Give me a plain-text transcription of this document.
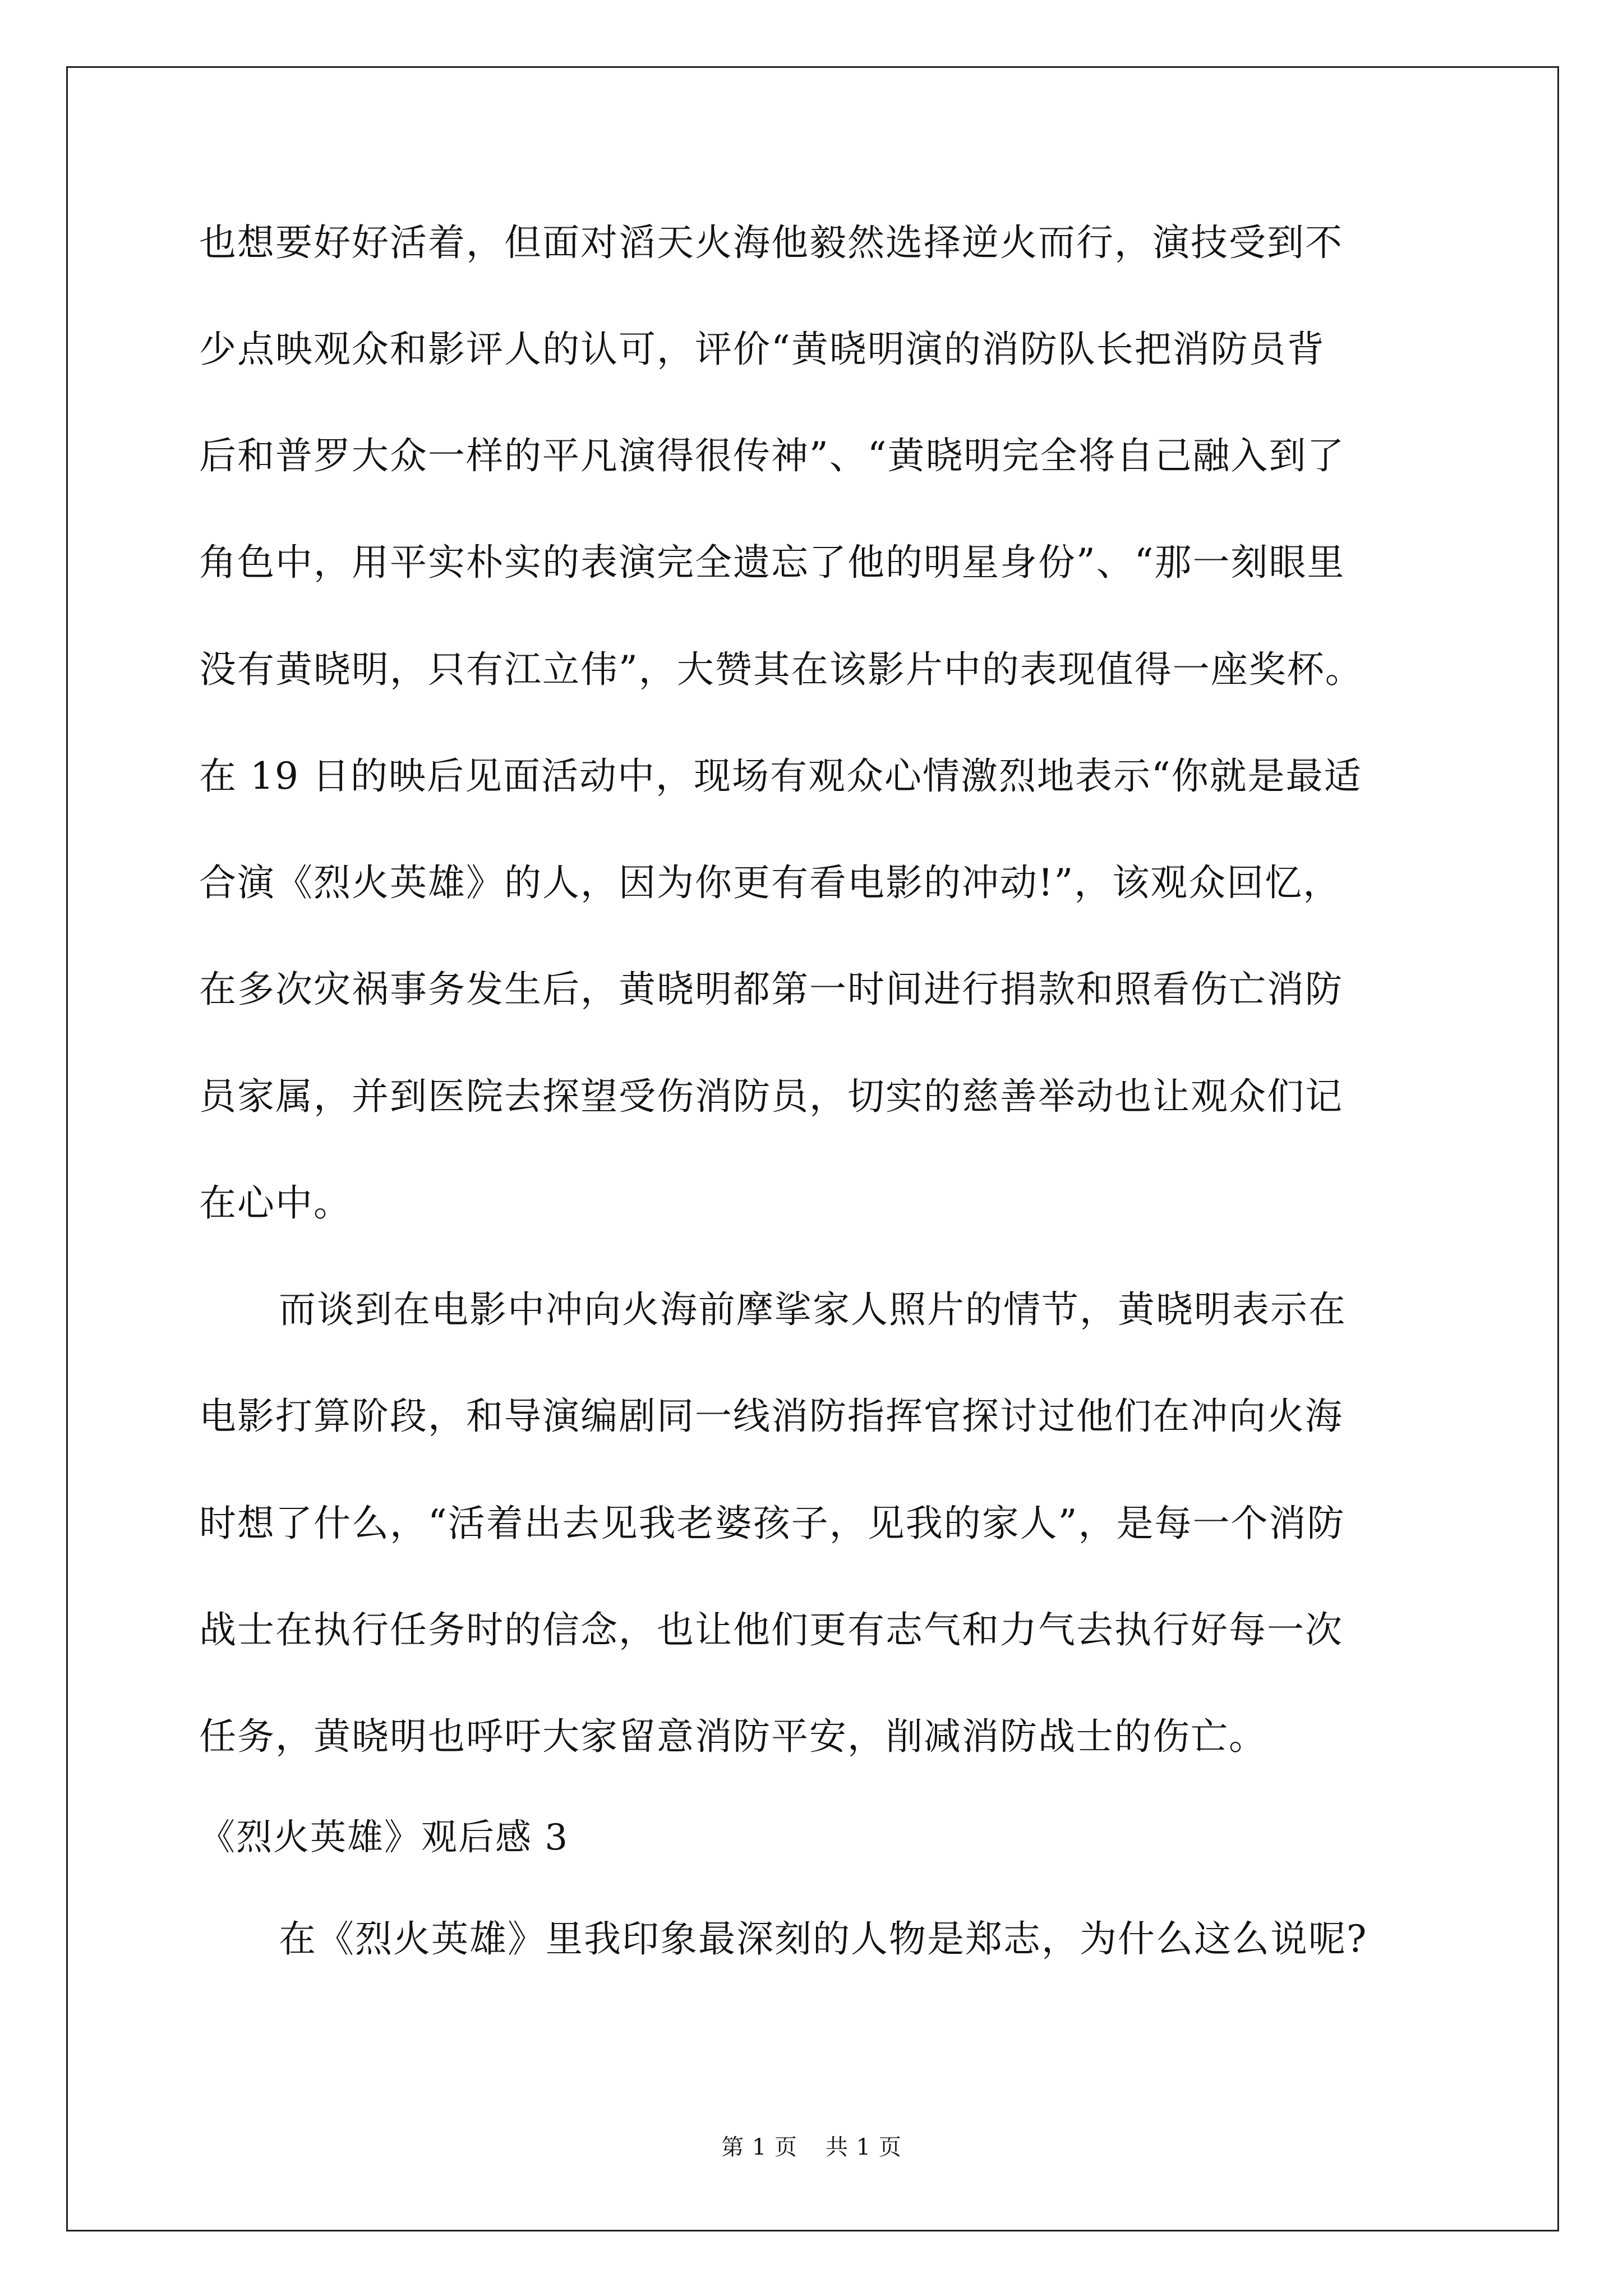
也想要好好活着，但面对滔天火海他毅然选择逆火而行，演技受到不
少点映观众和影评人的认可，评价“黄晓明演的消防队长把消防员背
后和普罗大众一样的平凡演得很传神”、“黄晓明完全将自己融入到了
角色中，用平实朴实的表演完全遗忘了他的明星身份”、“那一刻眼里
没有黄晓明，只有江立伟”，大赞其在该影片中的表现值得一座奖杯。
在 19 日的映后见面活动中，现场有观众心情激烈地表示“你就是最适
合演《烈火英雄》的人，因为你更有看电影的冲动!”，该观众回忆，
在多次灾祸事务发生后，黄晓明都第一时间进行捐款和照看伤亡消防
员家属，并到医院去探望受伤消防员，切实的慈善举动也让观众们记
在心中。
而谈到在电影中冲向火海前摩挲家人照片的情节，黄晓明表示在
电影打算阶段，和导演编剧同一线消防指挥官探讨过他们在冲向火海
时想了什么，“活着出去见我老婆孩子，见我的家人”，是每一个消防
战士在执行任务时的信念，也让他们更有志气和力气去执行好每一次
任务，黄晓明也呼吁大家留意消防平安，削减消防战士的伤亡。
《烈火英雄》观后感 3
在《烈火英雄》里我印象最深刻的人物是郑志，为什么这么说呢?
第 1 页 共 1 页
